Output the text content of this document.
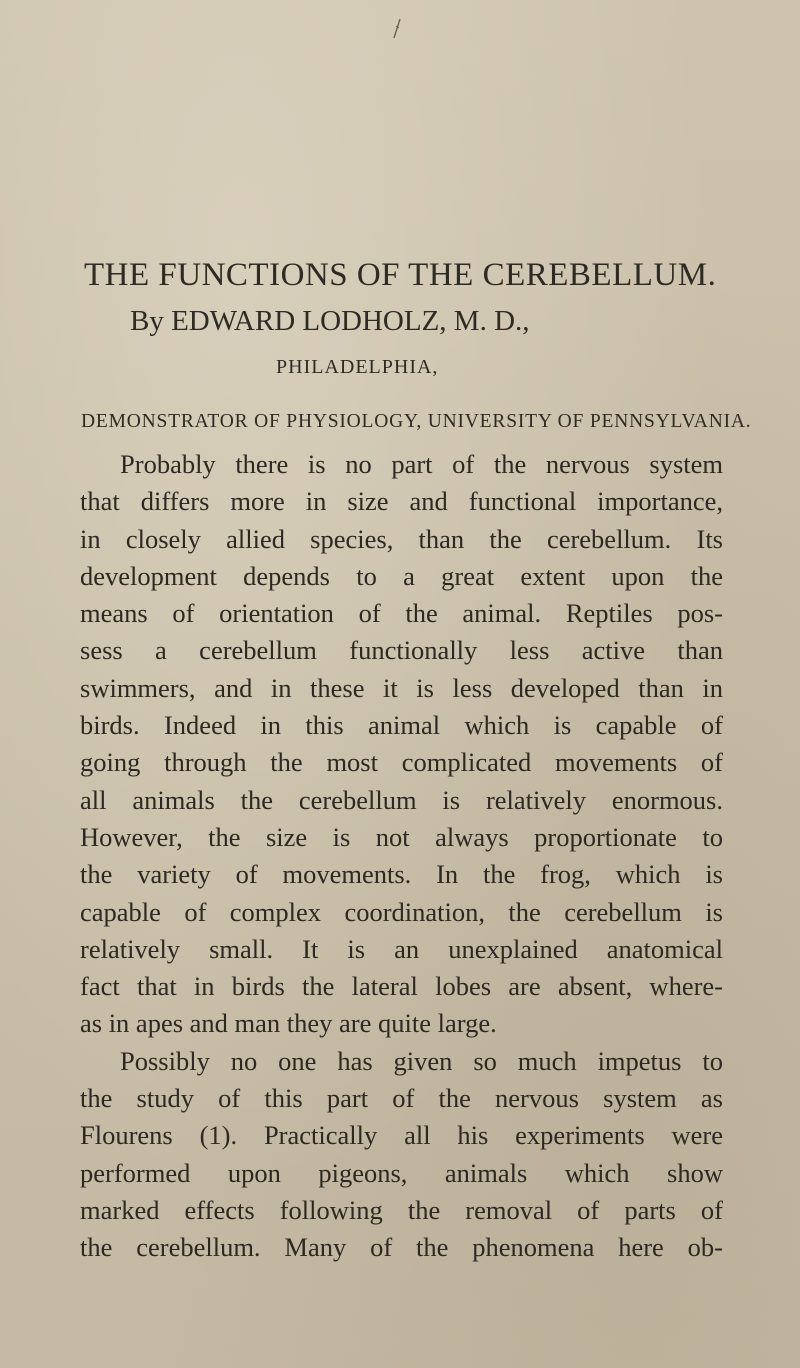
THE FUNCTIONS OF THE CEREBELLUM.
By EDWARD LODHOLZ, M. D.,
PHILADELPHIA,
DEMONSTRATOR OF PHYSIOLOGY, UNIVERSITY OF PENNSYLVANIA.
Probably there is no part of the nervous system
that differs more in size and functional importance,
in closely allied species, than the cerebellum. Its
development depends to a great extent upon the
means of orientation of the animal. Reptiles pos-
sess a cerebellum functionally less active than
swimmers, and in these it is less developed than in
birds. Indeed in this animal which is capable of
going through the most complicated movements of
all animals the cerebellum is relatively enormous.
However, the size is not always proportionate to
the variety of movements. In the frog, which is
capable of complex coordination, the cerebellum is
relatively small. It is an unexplained anatomical
fact that in birds the lateral lobes are absent, where-
as in apes and man they are quite large.
Possibly no one has given so much impetus to
the study of this part of the nervous system as
Flourens (1). Practically all his experiments were
performed upon pigeons, animals which show
marked effects following the removal of parts of
the cerebellum. Many of the phenomena here ob-
